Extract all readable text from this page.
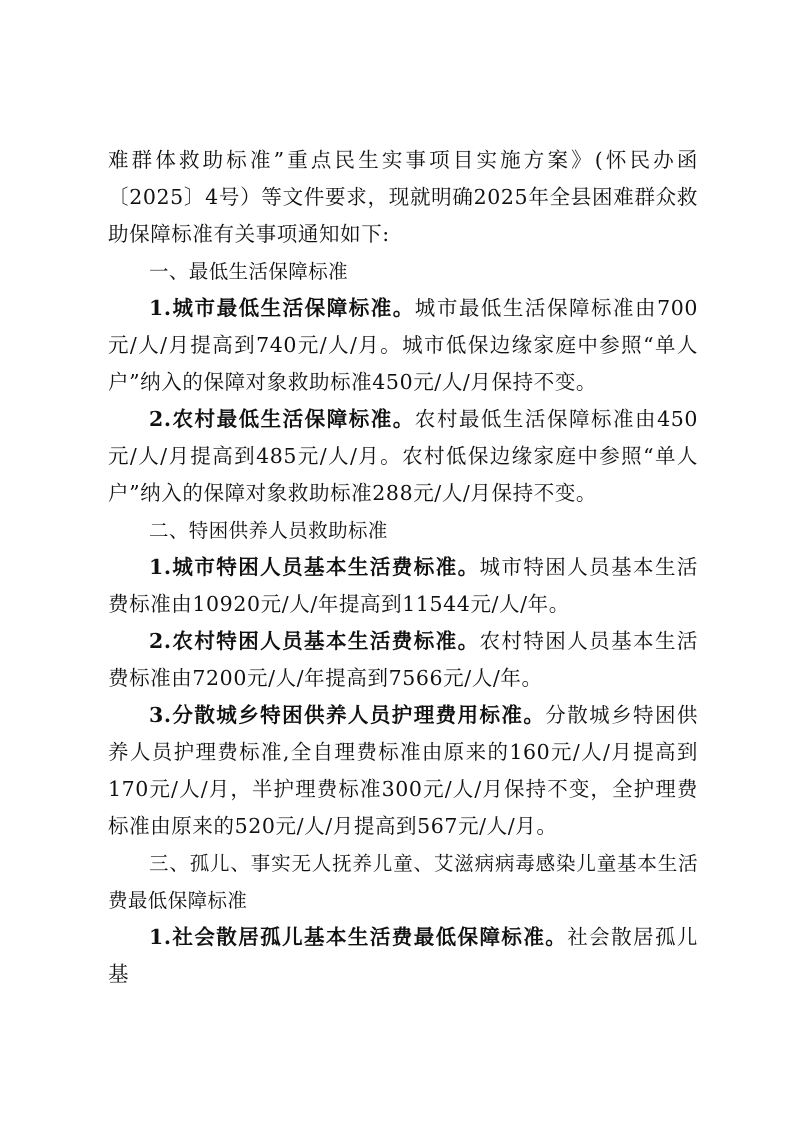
难群体救助标准”重点民生实事项目实施方案》(怀民办函〔2025〕4号）等文件要求，现就明确2025年全县困难群众救助保障标准有关事项通知如下:

一、最低生活保障标准

1.城市最低生活保障标准。城市最低生活保障标准由700元/人/月提高到740元/人/月。城市低保边缘家庭中参照“单人户”纳入的保障对象救助标准450元/人/月保持不变。

2.农村最低生活保障标准。农村最低生活保障标准由450元/人/月提高到485元/人/月。农村低保边缘家庭中参照“单人户”纳入的保障对象救助标准288元/人/月保持不变。

二、特困供养人员救助标准

1.城市特困人员基本生活费标准。城市特困人员基本生活费标准由10920元/人/年提高到11544元/人/年。

2.农村特困人员基本生活费标准。农村特困人员基本生活费标准由7200元/人/年提高到7566元/人/年。

3.分散城乡特困供养人员护理费用标准。分散城乡特困供养人员护理费标准,全自理费标准由原来的160元/人/月提高到170元/人/月，半护理费标准300元/人/月保持不变，全护理费标准由原来的520元/人/月提高到567元/人/月。

三、孤儿、事实无人抚养儿童、艾滋病病毒感染儿童基本生活费最低保障标准

1.社会散居孤儿基本生活费最低保障标准。社会散居孤儿基
